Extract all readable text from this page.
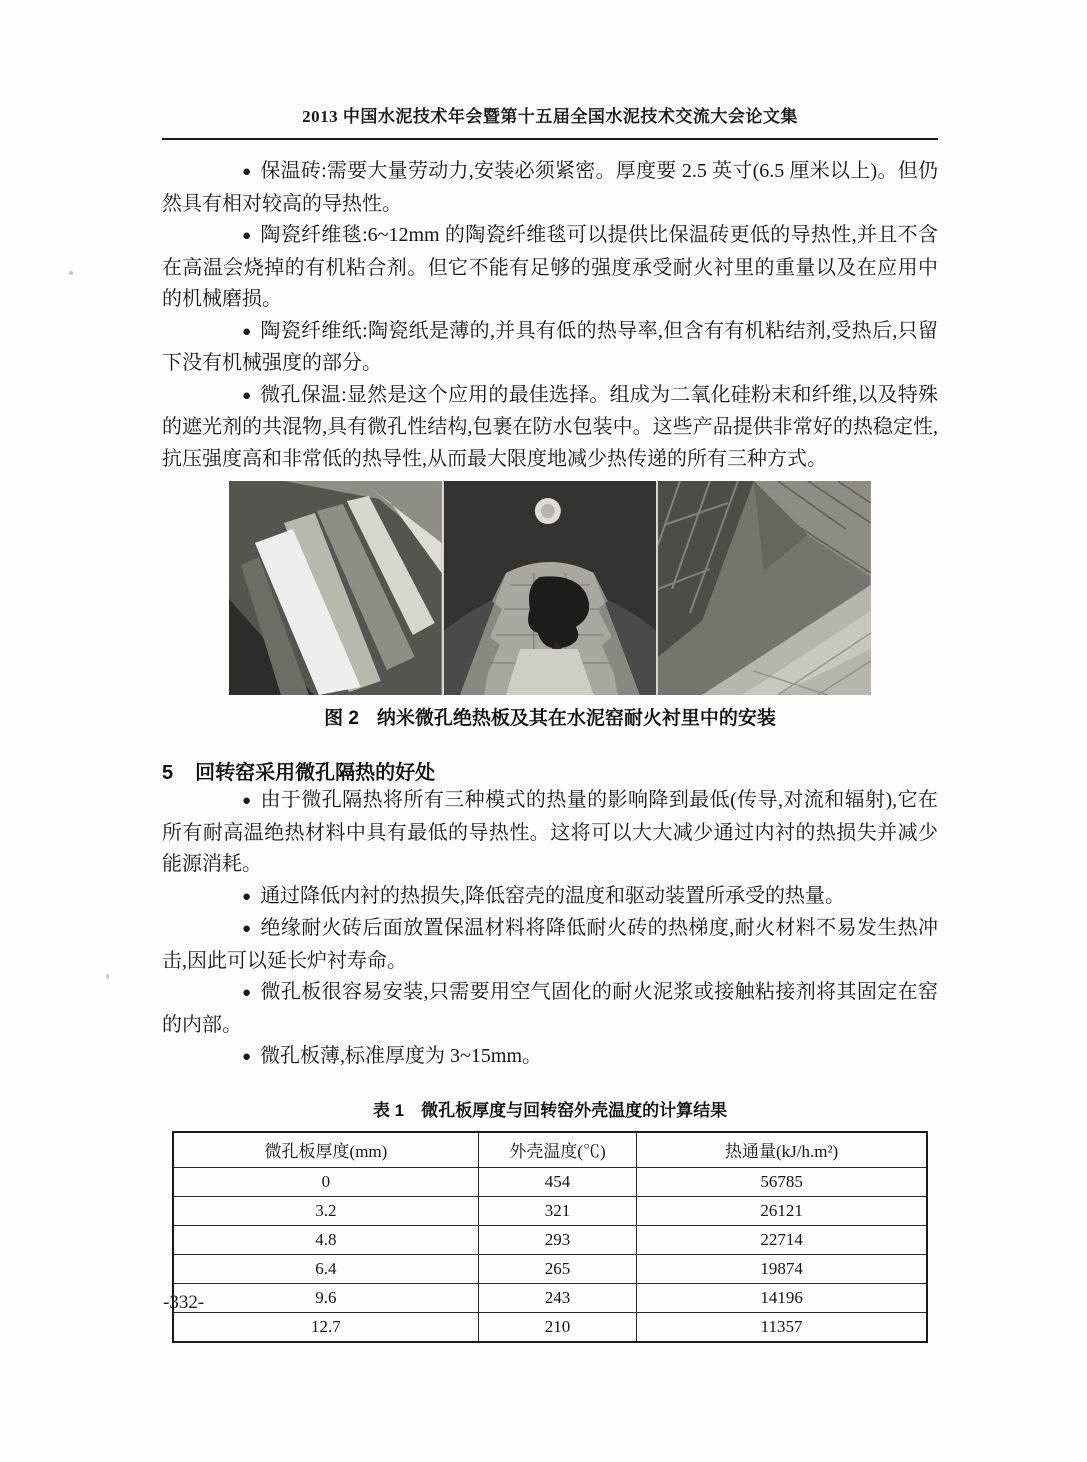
2013 中国水泥技术年会暨第十五届全国水泥技术交流大会论文集

● 保温砖:需要大量劳动力,安装必须紧密。厚度要 2.5 英寸(6.5 厘米以上)。但仍然具有相对较高的导热性。

● 陶瓷纤维毯:6~12mm 的陶瓷纤维毯可以提供比保温砖更低的导热性,并且不含在高温会烧掉的有机粘合剂。但它不能有足够的强度承受耐火衬里的重量以及在应用中的机械磨损。

● 陶瓷纤维纸:陶瓷纸是薄的,并具有低的热导率,但含有有机粘结剂,受热后,只留下没有机械强度的部分。

● 微孔保温:显然是这个应用的最佳选择。组成为二氧化硅粉末和纤维,以及特殊的遮光剂的共混物,具有微孔性结构,包裹在防水包装中。这些产品提供非常好的热稳定性,抗压强度高和非常低的热导性,从而最大限度地减少热传递的所有三种方式。

图 2 纳米微孔绝热板及其在水泥窑耐火衬里中的安装
5 回转窑采用微孔隔热的好处

● 由于微孔隔热将所有三种模式的热量的影响降到最低(传导,对流和辐射),它在所有耐高温绝热材料中具有最低的导热性。这将可以大大减少通过内衬的热损失并减少能源消耗。

● 通过降低内衬的热损失,降低窑壳的温度和驱动装置所承受的热量。

● 绝缘耐火砖后面放置保温材料将降低耐火砖的热梯度,耐火材料不易发生热冲击,因此可以延长炉衬寿命。

● 微孔板很容易安装,只需要用空气固化的耐火泥浆或接触粘接剂将其固定在窑的内部。

● 微孔板薄,标准厚度为 3~15mm。

表 1　微孔板厚度与回转窑外壳温度的计算结果
微孔板厚度(mm)	外壳温度(℃)	热通量(kJ/h.m²)
0	454	56785
3.2	321	26121
4.8	293	22714
6.4	265	19874
9.6	243	14196
12.7	210	11357
-332-
